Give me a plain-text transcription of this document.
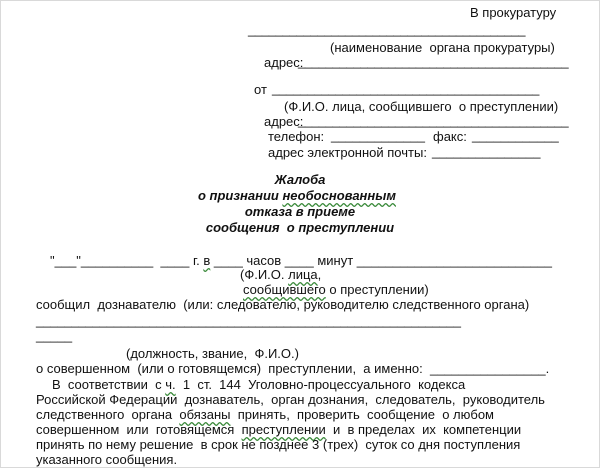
В прокуратуру
________________________________________
(наименование  органа прокуратуры)
адрес:
_______________________________________
от ______________________________________
(Ф.И.О. лица, сообщившего  о преступлении)
адрес:
_______________________________________
телефон: _____________ факс: ____________
адрес электронной почты: _______________
Жалоба
о признании необоснованным
отказа в приеме
сообщения  о преступлении
"___"__________  ____ г. в ____ часов ____ минут ___________________________
(Ф.И.О. лица,
сообщившего о преступлении)
сообщил  дознавателю  (или: следователю, руководителю следственного органа)
____________________________________________________________
_____
(должность, звание,  Ф.И.О.)
о совершенном  (или о готовящемся)  преступлении,  а именно:  ________________.
В  соответствии  с ч.  1  ст.  144  Уголовно-процессуального  кодекса
Российской Федерации  дознаватель,  орган дознания,  следователь,  руководитель
следственного  органа  обязаны  принять,  проверить  сообщение  о любом
совершенном  или  готовящемся  преступлении  и  в пределах  их  компетенции
принять по нему решение  в срок не позднее 3 (трех)  суток со дня поступления
указанного сообщения.
